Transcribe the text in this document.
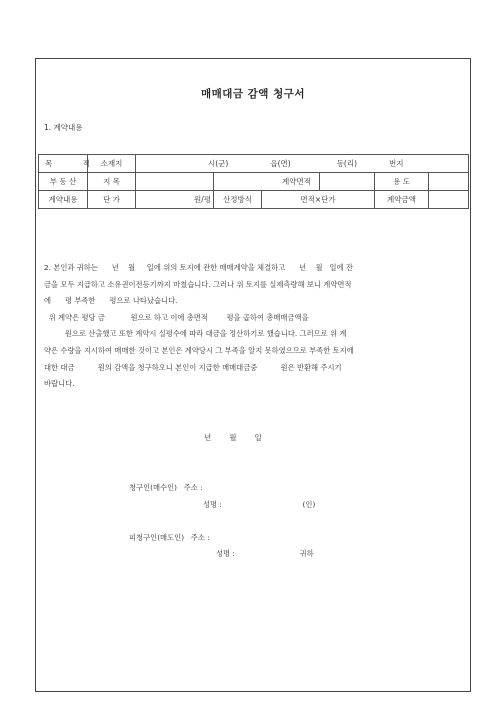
매매대금 감액 청구서
1. 계약내용
목 적	소재지	시(군) 읍(면) 동(리) 번지					
부 동 산	지 목		계약면적			용 도	
계약내용	단 가	원/평	산정방식	면적×단가		계약금액	

2. 본인과 귀하는      년    월     일에 위의 토지에 관한 매매계약을 체결하고      년    월   일에 잔

금을 모두 지급하고 소유권이전등기까지 마쳤습니다. 그러나 위 토지를 실제측량해 보니 계약면적

에      평 부족한      평으로 나타났습니다.

위 계약은 평당 금           원으로 하고 이에 총면적        평을 곱하여 총매매금액을

원으로 산출했고 또한 계약시 실평수에 따라 대금을 정산하기로 했습니다. 그러므로 위 계

약은 수량을 지시하여 매매한 것이고 본인은 계약당시 그 부족을 알지 못하였으므로 부족한 토지에

대한 대금          원의 감액을 청구하오니 본인이 지급한 매매대금중          원은 반환해 주시기

바랍니다.

년 월 일
청구인(매수인) 주소 :
성명 :	(인)
피청구인(매도인) 주소 :
성명 :	귀하
